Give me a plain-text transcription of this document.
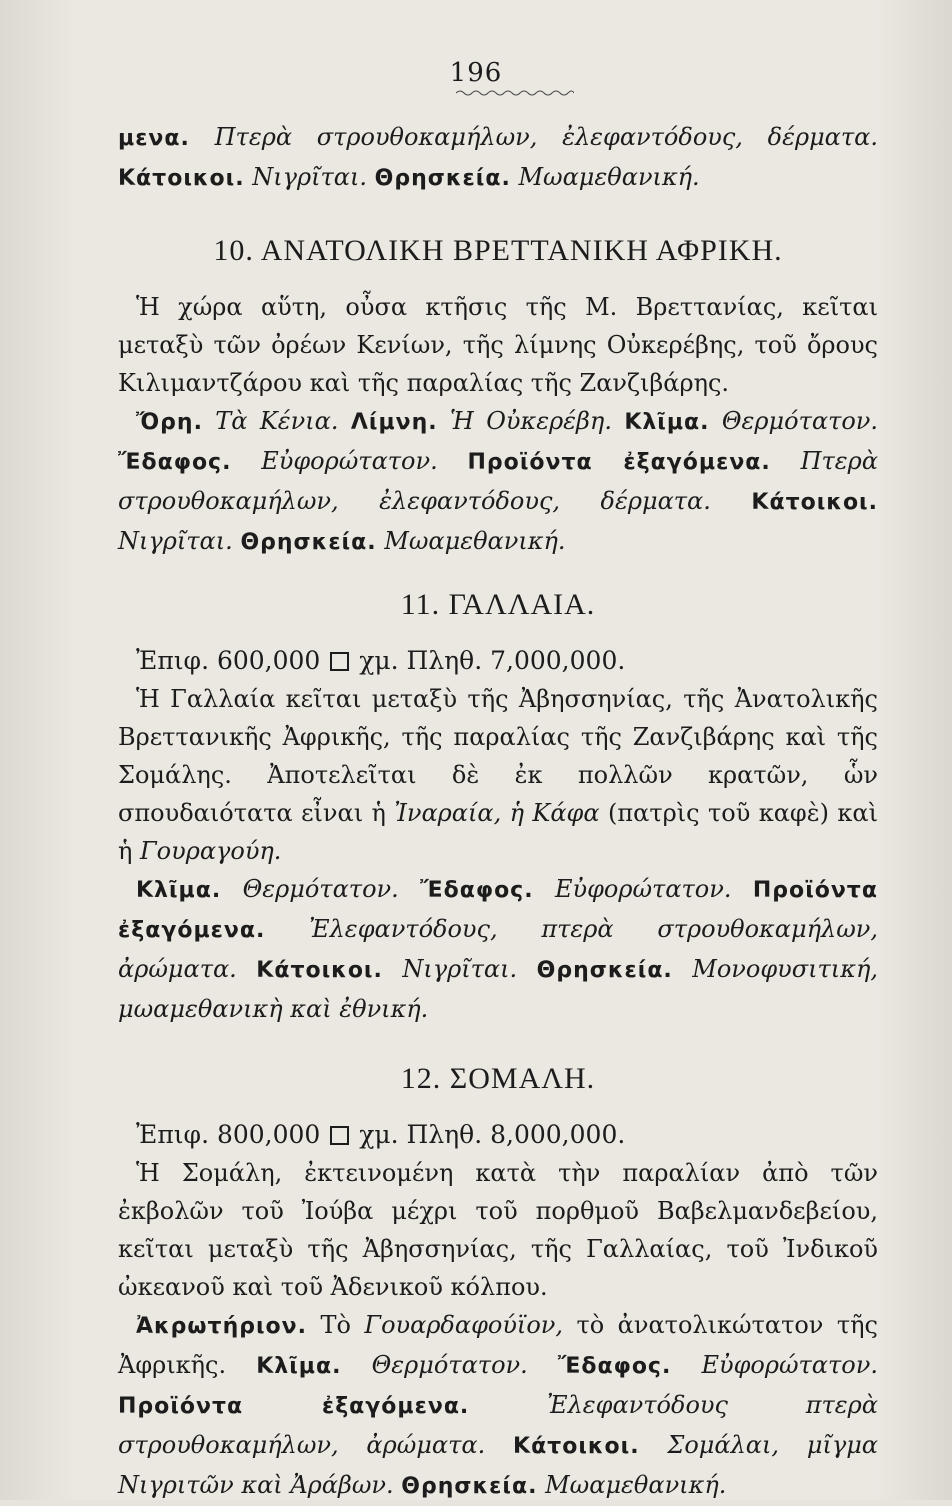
196

μενα. Πτερὰ στρουθοκαμήλων, ἐλεφαντόδους, δέρματα. Κάτοικοι. Νιγρῖται. Θρησκεία. Μωαμεθανική.

10. ΑΝΑΤΟΛΙΚΗ ΒΡΕΤΤΑΝΙΚΗ ΑΦΡΙΚΗ.

Ἡ χώρα αὕτη, οὖσα κτῆσις τῆς Μ. Βρεττανίας, κεῖται μεταξὺ τῶν ὀρέων Κενίων, τῆς λίμνης Οὐκερέβης, τοῦ ὄρους Κιλιμαντζάρου καὶ τῆς παραλίας τῆς Ζανζιβάρης.

Ὄρη. Τὰ Κένια. Λίμνη. Ἡ Οὐκερέβη. Κλῖμα. Θερμότατον. Ἔδαφος. Εὐφορώτατον. Προϊόντα ἐξαγόμενα. Πτερὰ στρουθοκαμήλων, ἐλεφαντόδους, δέρματα. Κάτοικοι. Νιγρῖται. Θρησκεία. Μωαμεθανική.

11. ΓΑΛΛΑΙΑ.

Ἐπιφ. 600,000 χμ. Πληθ. 7,000,000.

Ἡ Γαλλαία κεῖται μεταξὺ τῆς Ἀβησσηνίας, τῆς Ἀνατολικῆς Βρεττανικῆς Ἀφρικῆς, τῆς παραλίας τῆς Ζανζιβάρης καὶ τῆς Σομάλης. Ἀποτελεῖται δὲ ἐκ πολλῶν κρατῶν, ὧν σπουδαιότατα εἶναι ἡ Ἰναραία, ἡ Κάφα (πατρὶς τοῦ καφὲ) καὶ ἡ Γουραγούη.

Κλῖμα. Θερμότατον. Ἔδαφος. Εὐφορώτατον. Προϊόντα ἐξαγόμενα. Ἐλεφαντόδους, πτερὰ στρουθοκαμήλων, ἀρώματα. Κάτοικοι. Νιγρῖται. Θρησκεία. Μονοφυσιτική, μωαμεθανικὴ καὶ ἐθνική.

12. ΣΟΜΑΛΗ.

Ἐπιφ. 800,000 χμ. Πληθ. 8,000,000.

Ἡ Σομάλη, ἐκτεινομένη κατὰ τὴν παραλίαν ἀπὸ τῶν ἐκβολῶν τοῦ Ἰούβα μέχρι τοῦ πορθμοῦ Βαβελμανδεβείου, κεῖται μεταξὺ τῆς Ἀβησσηνίας, τῆς Γαλλαίας, τοῦ Ἰνδικοῦ ὠκεανοῦ καὶ τοῦ Ἀδενικοῦ κόλπου.

Ἀκρωτήριον. Τὸ Γουαρδαφούϊον, τὸ ἀνατολικώτατον τῆς Ἀφρικῆς. Κλῖμα. Θερμότατον. Ἔδαφος. Εὐφορώτατον. Προϊόντα ἐξαγόμενα.	Ἐλεφαντόδους πτερὰ στρουθοκαμήλων, ἀρώματα. Κάτοικοι. Σομάλαι, μῖγμα Νιγριτῶν καὶ Ἀράβων. Θρησκεία. Μωαμεθανική.
